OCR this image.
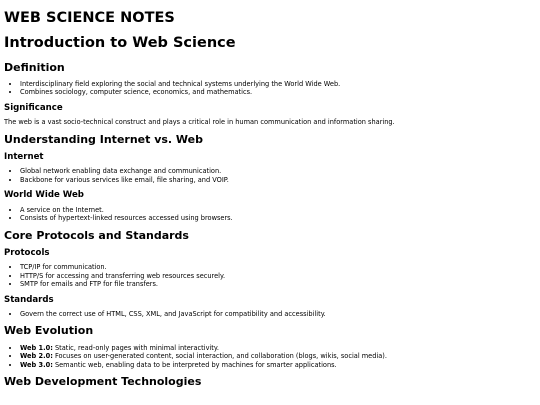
WEB SCIENCE NOTES
Introduction to Web Science
Definition
• Interdisciplinary field exploring the social and technical systems underlying the World Wide Web.
• Combines sociology, computer science, economics, and mathematics.
Significance

The web is a vast socio-technical construct and plays a critical role in human communication and information sharing.

Understanding Internet vs. Web
Internet
• Global network enabling data exchange and communication.
• Backbone for various services like email, file sharing, and VOIP.
World Wide Web
• A service on the Internet.
• Consists of hypertext-linked resources accessed using browsers.
Core Protocols and Standards
Protocols
• TCP/IP for communication.
• HTTP/S for accessing and transferring web resources securely.
• SMTP for emails and FTP for file transfers.
Standards
• Govern the correct use of HTML, CSS, XML, and JavaScript for compatibility and accessibility.
Web Evolution
• Web 1.0: Static, read-only pages with minimal interactivity.
• Web 2.0: Focuses on user-generated content, social interaction, and collaboration (blogs, wikis, social media).
• Web 3.0: Semantic web, enabling data to be interpreted by machines for smarter applications.
Web Development Technologies
